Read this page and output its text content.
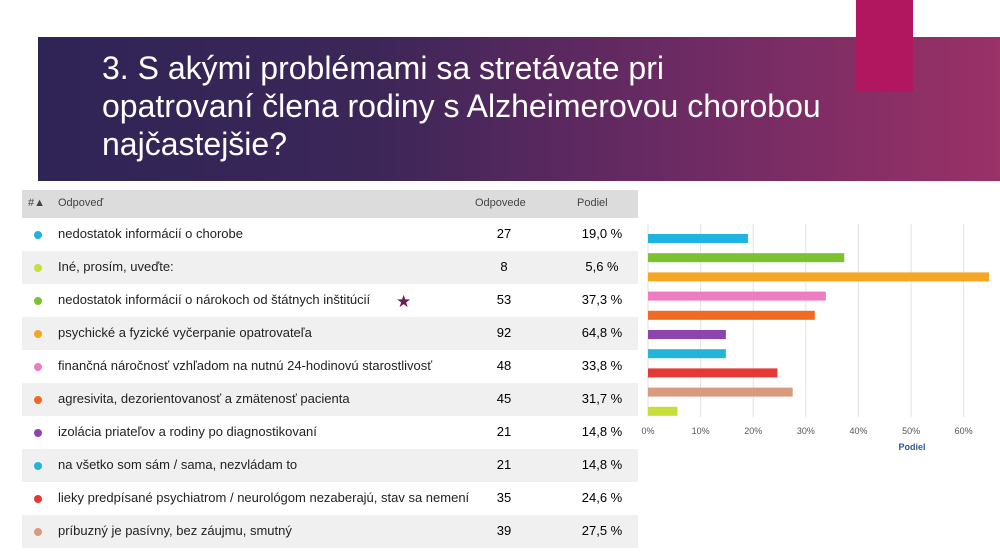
3. S akými problémami sa stretávate pri opatrovaní člena rodiny s Alzheimerovou chorobou najčastejšie?
#▲ Odpoveď	Odpovede	Podiel
nedostatok informácií o chorobe	27	19,0 %
Iné, prosím, uveďte:	8	5,6 %
nedostatok informácií o nárokoch od štátnych inštitúcií	53	37,3 %
psychické a fyzické vyčerpanie opatrovateľa	92	64,8 %
finančná náročnosť vzhľadom na nutnú 24-hodinovú starostlivosť	48	33,8 %
agresivita, dezorientovanosť a zmätenosť pacienta	45	31,7 %
izolácia priateľov a rodiny po diagnostikovaní	21	14,8 %
na všetko som sám / sama, nezvládam to	21	14,8 %
lieky predpísané psychiatrom / neurológom nezaberajú, stav sa nemení	35	24,6 %
príbuzný je pasívny, bez záujmu, smutný	39	27,5 %
★
0%	10%	20%	30%	40%	50%	60%
Podiel
